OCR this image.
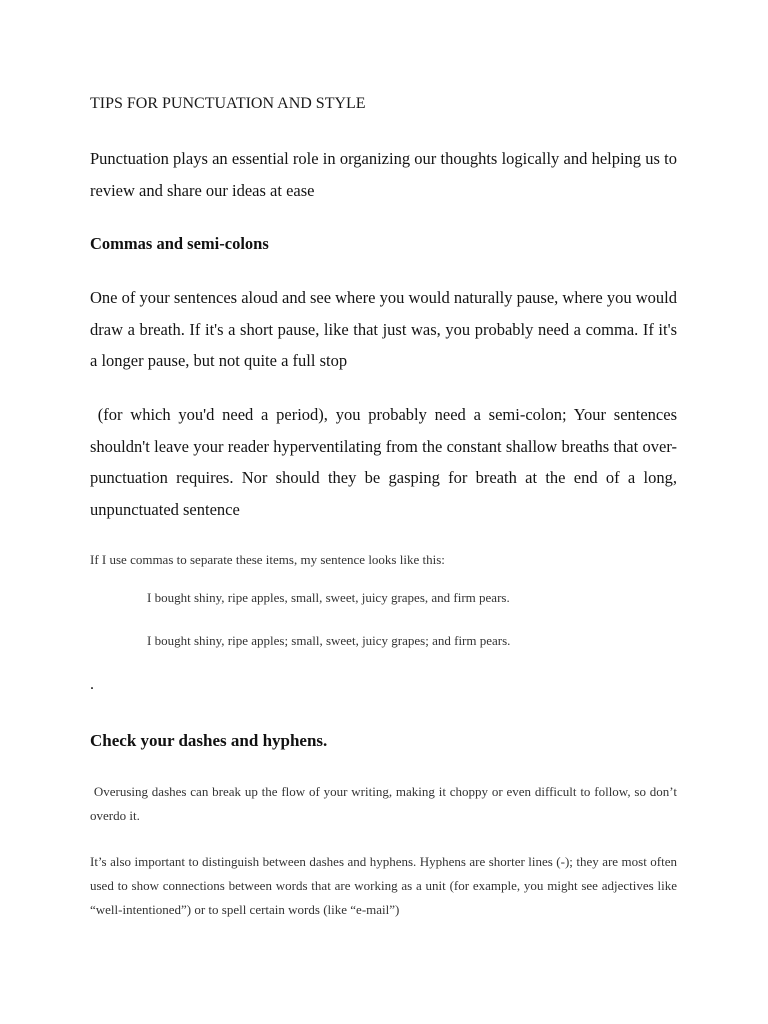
TIPS FOR PUNCTUATION AND STYLE

Punctuation plays an essential role in organizing our thoughts logically and helping us to review and share our ideas at ease

Commas and semi-colons

One of your sentences aloud and see where you would naturally pause, where you would draw a breath. If it's a short pause, like that just was, you probably need a comma. If it's a longer pause, but not quite a full stop

(for which you'd need a period), you probably need a semi-colon; Your sentences shouldn't leave your reader hyperventilating from the constant shallow breaths that over-punctuation requires. Nor should they be gasping for breath at the end of a long, unpunctuated sentence

If I use commas to separate these items, my sentence looks like this:

I bought shiny, ripe apples, small, sweet, juicy grapes, and firm pears.

I bought shiny, ripe apples; small, sweet, juicy grapes; and firm pears.

.

Check your dashes and hyphens.

Overusing dashes can break up the flow of your writing, making it choppy or even difficult to follow, so don’t overdo it.

It’s also important to distinguish between dashes and hyphens. Hyphens are shorter lines (-); they are most often used to show connections between words that are working as a unit (for example, you might see adjectives like “well-intentioned”) or to spell certain words (like “e-mail”)
